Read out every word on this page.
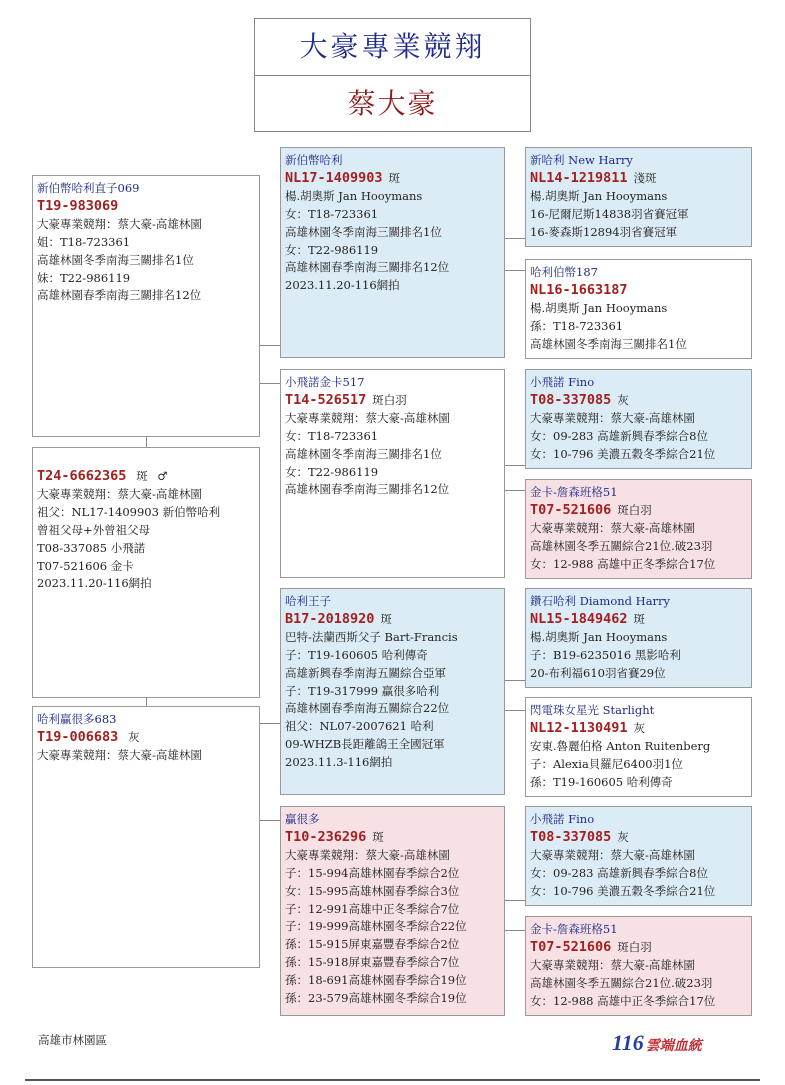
大豪專業競翔
蔡大豪
新伯幣哈利直子069
T19-983069
大豪專業競翔：蔡大豪-高雄林園
姐：T18-723361
高雄林園冬季南海三關排名1位
妹：T22-986119
高雄林園春季南海三關排名12位
T24-6662365 斑 ♂
大豪專業競翔：蔡大豪-高雄林園
祖父：NL17-1409903 新伯幣哈利
曾祖父母+外曾祖父母
T08-337085 小飛諾
T07-521606 金卡
2023.11.20-116網拍
哈利贏很多683
T19-006683 灰
大豪專業競翔：蔡大豪-高雄林園
新伯幣哈利
NL17-1409903 斑
楊.胡奧斯 Jan Hooymans
女：T18-723361
高雄林園冬季南海三關排名1位
女：T22-986119
高雄林園春季南海三關排名12位
2023.11.20-116網拍
小飛諾金卡517
T14-526517 斑白羽
大豪專業競翔：蔡大豪-高雄林園
女：T18-723361
高雄林園冬季南海三關排名1位
女：T22-986119
高雄林園春季南海三關排名12位
哈利王子
B17-2018920 斑
巴特-法蘭西斯父子 Bart-Francis
子：T19-160605 哈利傳奇
高雄新興春季南海五關綜合亞軍
子：T19-317999 贏很多哈利
高雄林園春季南海五關綜合22位
祖父：NL07-2007621 哈利
09-WHZB長距離鴿王全國冠軍
2023.11.3-116網拍
贏很多
T10-236296 斑
大豪專業競翔：蔡大豪-高雄林園
子：15-994高雄林園春季綜合2位
女：15-995高雄林園春季綜合3位
子：12-991高雄中正冬季綜合7位
子：19-999高雄林園冬季綜合22位
孫：15-915屏東嘉豐春季綜合2位
孫：15-918屏東嘉豐春季綜合7位
孫：18-691高雄林園春季綜合19位
孫：23-579高雄林園冬季綜合19位
新哈利 New Harry
NL14-1219811 淺斑
楊.胡奧斯 Jan Hooymans
16-尼爾尼斯14838羽省賽冠軍
16-麥森斯12894羽省賽冠軍
哈利伯幣187
NL16-1663187
楊.胡奧斯 Jan Hooymans
孫：T18-723361
高雄林園冬季南海三關排名1位
小飛諾 Fino
T08-337085 灰
大豪專業競翔：蔡大豪-高雄林園
女：09-283 高雄新興春季綜合8位
女：10-796 美濃五穀冬季綜合21位
金卡-詹森班格51
T07-521606 斑白羽
大豪專業競翔：蔡大豪-高雄林園
高雄林園冬季五關綜合21位.破23羽
女：12-988 高雄中正冬季綜合17位
鑽石哈利 Diamond Harry
NL15-1849462 斑
楊.胡奧斯 Jan Hooymans
子：B19-6235016 黑影哈利
20-布利福610羽省賽29位
閃電珠女星光 Starlight
NL12-1130491 灰
安東.魯麗伯格 Anton Ruitenberg
子：Alexia貝羅尼6400羽1位
孫：T19-160605 哈利傳奇
小飛諾 Fino
T08-337085 灰
大豪專業競翔：蔡大豪-高雄林園
女：09-283 高雄新興春季綜合8位
女：10-796 美濃五穀冬季綜合21位
金卡-詹森班格51
T07-521606 斑白羽
大豪專業競翔：蔡大豪-高雄林園
高雄林園冬季五關綜合21位.破23羽
女：12-988 高雄中正冬季綜合17位
高雄市林園區	116 雲端血統
